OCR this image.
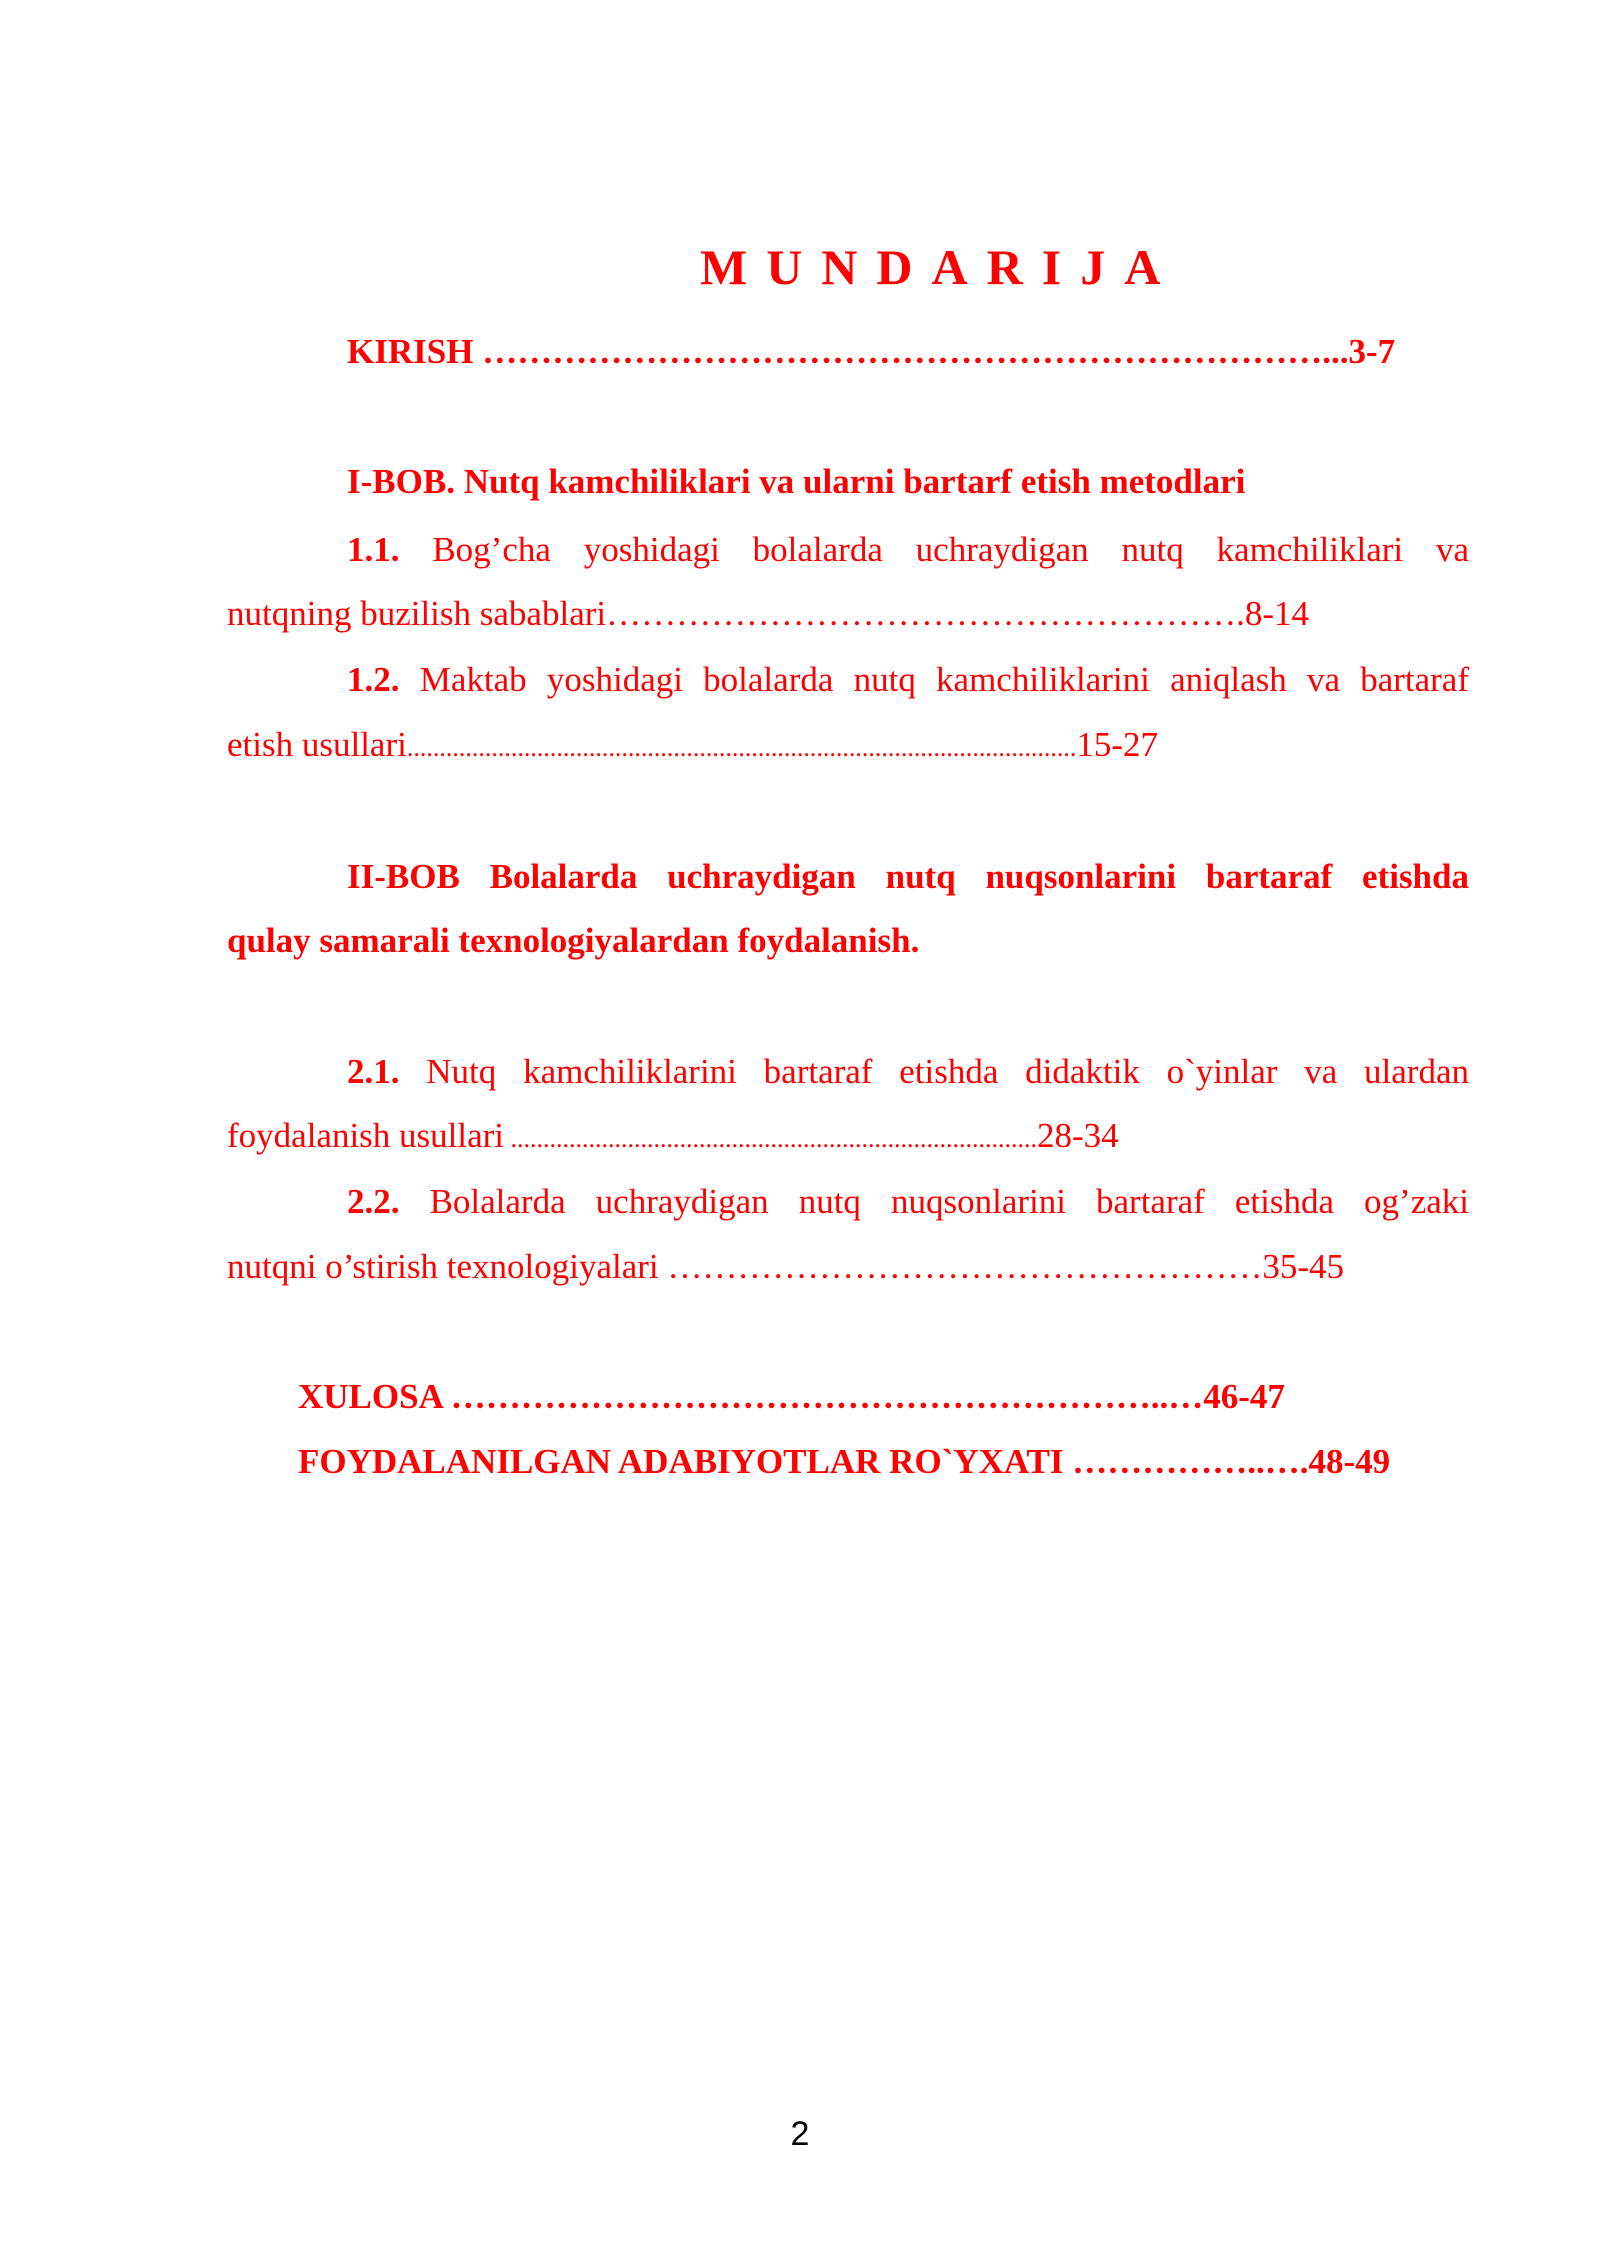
MUNDARIJA
KIRISH ………………………………………………………………...3-7
I-BOB. Nutq kamchiliklari va ularni bartarf etish metodlari
1.1. Bog’cha yoshidagi bolalarda uchraydigan nutq kamchiliklari va
nutqning buzilish sabablari……………………………………………….8-14
1.2. Maktab yoshidagi bolalarda nutq kamchiliklarini aniqlash va bartaraf
etish usullari.......................................................................................................15-27
II-BOB Bolalarda uchraydigan nutq nuqsonlarini bartaraf etishda
qulay samarali texnologiyalardan foydalanish.
2.1. Nutq kamchiliklarini bartaraf etishda didaktik o`yinlar va ulardan
foydalanish usullari .................................................................................28-34
2.2. Bolalarda uchraydigan nutq nuqsonlarini bartaraf etishda og’zaki
nutqni o’stirish texnologiyalari ……………………………………………35-45
XULOSA ……………………………………………………..…46-47
FOYDALANILGAN ADABIYOTLAR RO`YXATI ……………..….48-49
2
